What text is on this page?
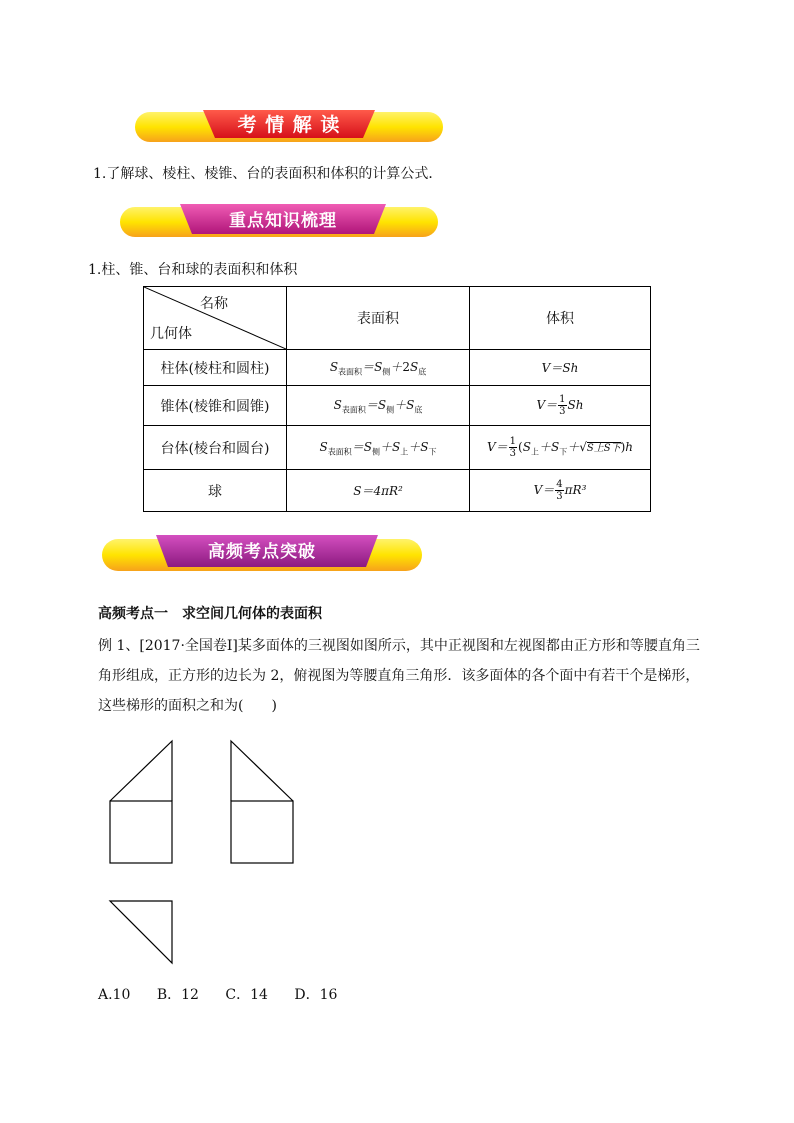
考 情 解 读
1.了解球、棱柱、棱锥、台的表面积和体积的计算公式．
重点知识梳理
1.柱、锥、台和球的表面积和体积
名称
几何体	表面积	体积
柱体(棱柱和圆柱)	$S_{表面积}=S_侧+2S_底$	V＝Sh
锥体(棱锥和圆锥)	$S_{表面积}=S_侧+S_底$	$V= \frac{1}{3}$ Sh
台体(棱台和圆台)	$S_{表面积}=S_侧+S_上+S_下$	$V= \frac{1}{3} (S_上+S_下+√S$上S下)h
球	S＝4πR²	$V= \frac{4}{3} \pi R^3$
高频考点突破
高频考点一　求空间几何体的表面积
例 1、[2017·全国卷Ⅰ]某多面体的三视图如图所示，其中正视图和左视图都由正方形和等腰直角三角形组成，正方形的边长为 2，俯视图为等腰直角三角形．该多面体的各个面中有若干个是梯形，这些梯形的面积之和为(　　)
A.10 B．12 C．14 D．16
